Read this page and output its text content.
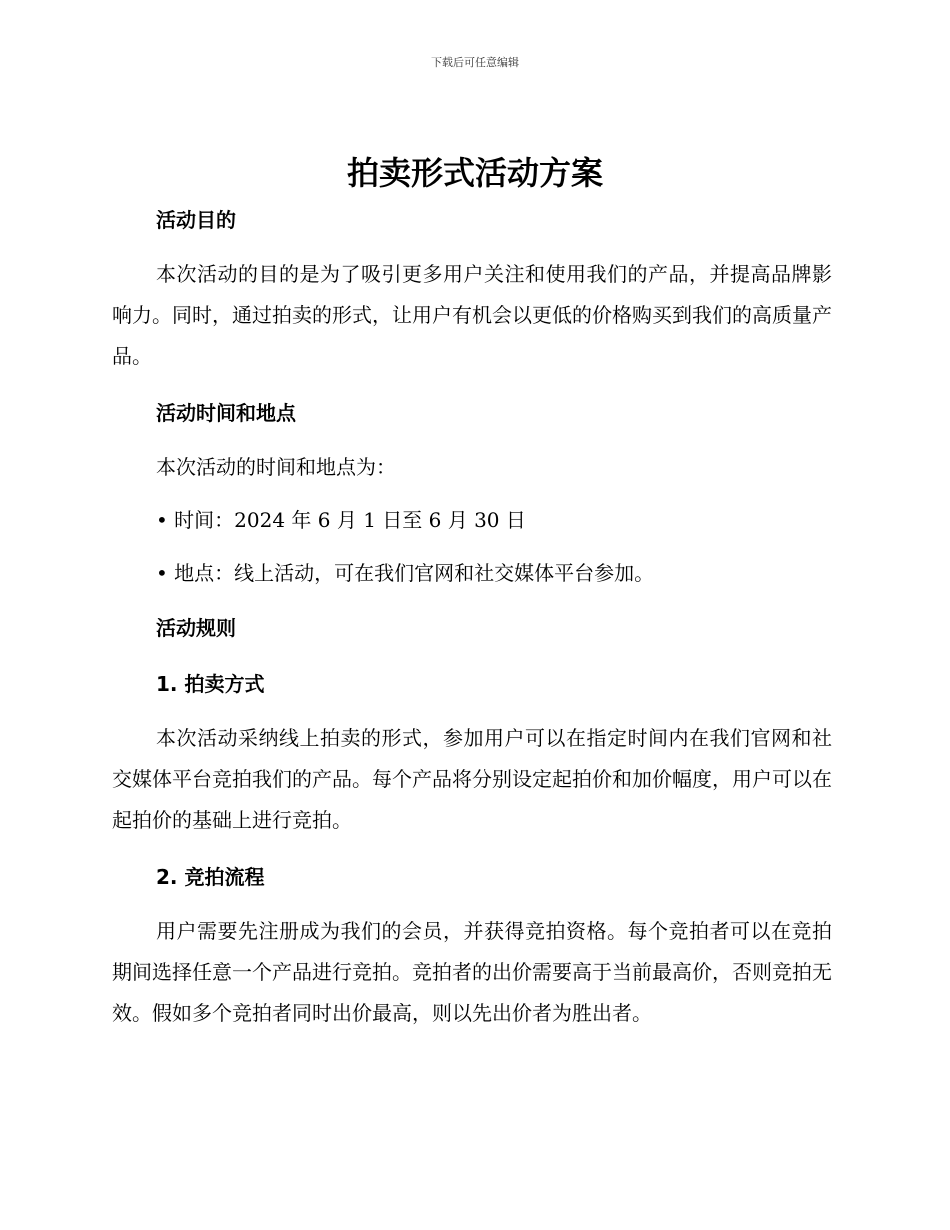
下载后可任意编辑
拍卖形式活动方案
活动目的

本次活动的目的是为了吸引更多用户关注和使用我们的产品，并提高品牌影响力。同时，通过拍卖的形式，让用户有机会以更低的价格购买到我们的高质量产品。

活动时间和地点

本次活动的时间和地点为：

• 时间：2024 年 6 月 1 日至 6 月 30 日

• 地点：线上活动，可在我们官网和社交媒体平台参加。

活动规则
1. 拍卖方式

本次活动采纳线上拍卖的形式，参加用户可以在指定时间内在我们官网和社交媒体平台竞拍我们的产品。每个产品将分别设定起拍价和加价幅度，用户可以在起拍价的基础上进行竞拍。

2. 竞拍流程

用户需要先注册成为我们的会员，并获得竞拍资格。每个竞拍者可以在竞拍期间选择任意一个产品进行竞拍。竞拍者的出价需要高于当前最高价，否则竞拍无效。假如多个竞拍者同时出价最高，则以先出价者为胜出者。
